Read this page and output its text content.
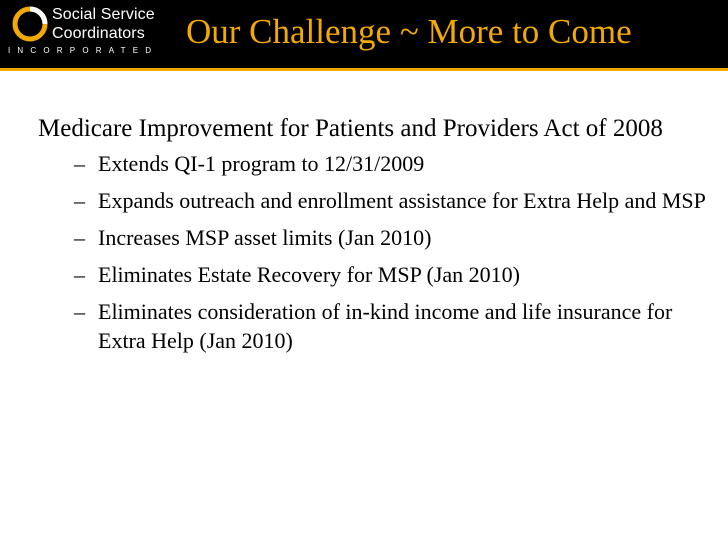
Social Service
Coordinators
INCORPORATED Our Challenge ~ More to Come

Medicare Improvement for Patients and Providers Act of 2008

– Extends QI-1 program to 12/31/2009
– Expands outreach and enrollment assistance for Extra Help and MSP
– Increases MSP asset limits (Jan 2010)
– Eliminates Estate Recovery for MSP (Jan 2010)
– Eliminates consideration of in-kind income and life insurance for Extra Help (Jan 2010)
